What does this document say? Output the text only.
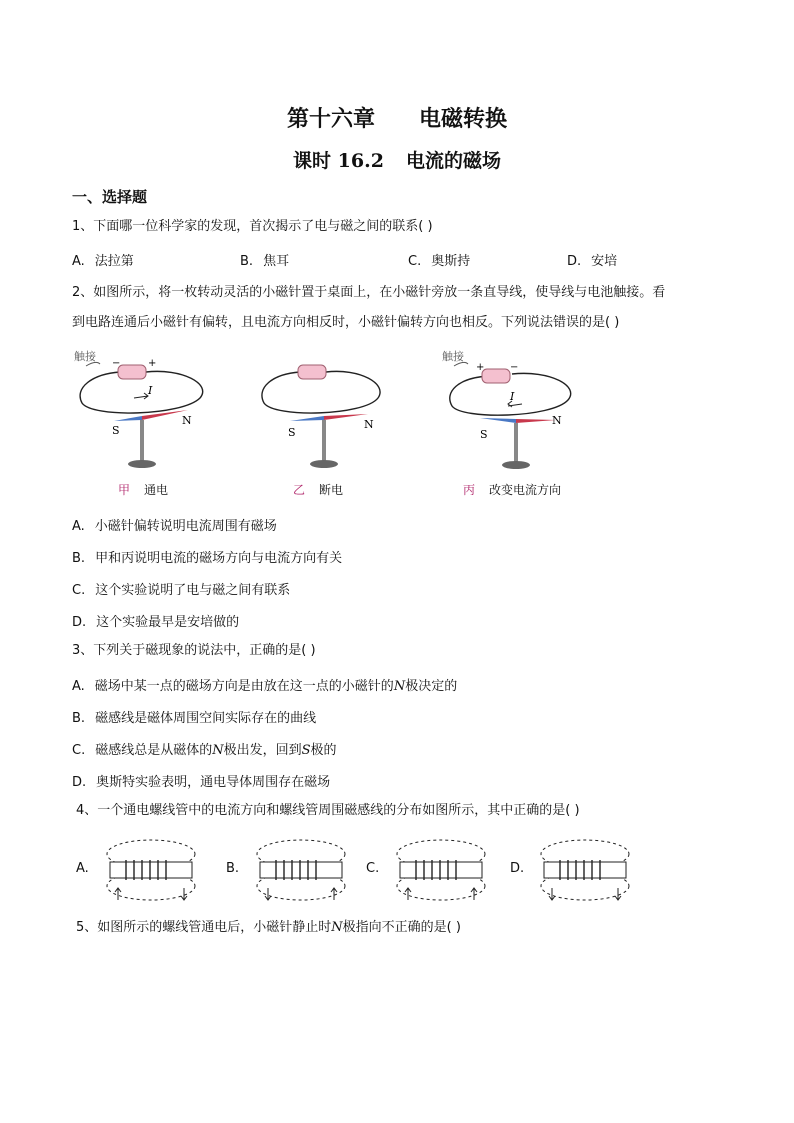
第十六章 电磁转换
课时 16.2 电流的磁场
一、选择题
1、下面哪一位科学家的发现，首次揭示了电与磁之间的联系( )
A. 法拉第	B. 焦耳	C. 奥斯持	D. 安培
2、如图所示，将一枚转动灵活的小磁针置于桌面上，在小磁针旁放一条直导线，使导线与电池触接。看
到电路连通后小磁针有偏转，且电流方向相反时，小磁针偏转方向也相反。下列说法错误的是( )
触接
−	+
I
S
N
甲 通电
S
N
乙 断电
触接
+	−
I
S
N
丙 改变电流方向
A. 小磁针偏转说明电流周围有磁场
B. 甲和丙说明电流的磁场方向与电流方向有关
C. 这个实验说明了电与磁之间有联系
D. 这个实验最早是安培做的
3、下列关于磁现象的说法中，正确的是( )
A. 磁场中某一点的磁场方向是由放在这一点的小磁针的N极决定的
B. 磁感线是磁体周围空间实际存在的曲线
C. 磁感线总是从磁体的N极出发，回到S极的
D. 奥斯特实验表明，通电导体周围存在磁场
4、一个通电螺线管中的电流方向和螺线管周围磁感线的分布如图所示，其中正确的是( )
A.	B.	C.	D.
5、如图所示的螺线管通电后，小磁针静止时N极指向不正确的是( )
